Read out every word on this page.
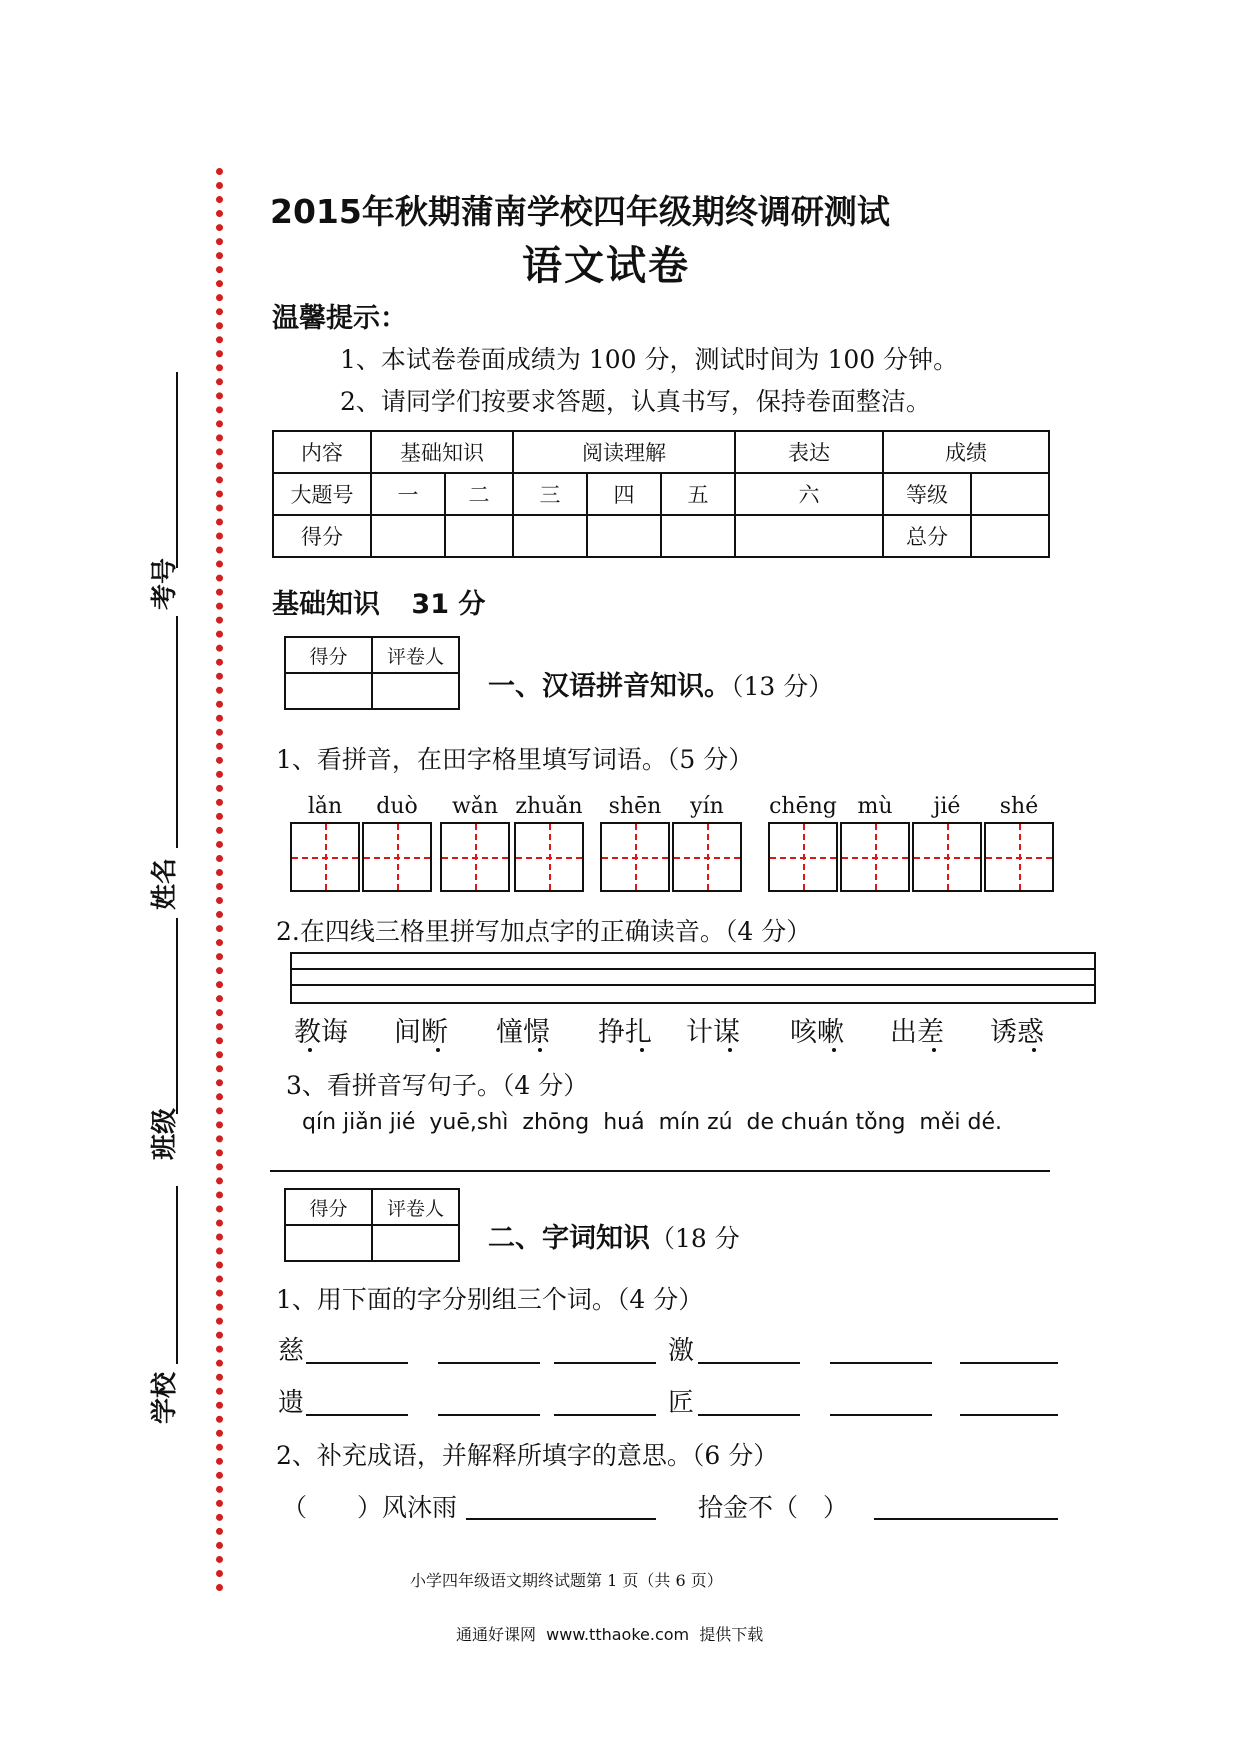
考号
姓名
班级
学校
2015年秋期蒲南学校四年级期终调研测试
语文试卷
温馨提示：
1、本试卷卷面成绩为 100 分，测试时间为 100 分钟。
2、请同学们按要求答题，认真书写，保持卷面整洁。
内容	基础知识		阅读理解			表达	成绩	
大题号	一	二	三	四	五	六	等级	
得分							总分	
基础知识 31 分
得分	评卷人

一、汉语拼音知识。（13 分）
1、看拼音，在田字格里填写词语。（5 分）
lǎn	duò	wǎn zhuǎn	shēn	yín	chēng mù	jié	shé
2.在四线三格里拼写加点字的正确读音。（4 分）
教诲 间断 憧憬 挣扎 计谋 咳嗽 出差 诱惑
3、看拼音写句子。（4 分）
qín jiǎn jié  yuē,shì  zhōng  huá  mín zú  de chuán tǒng  měi dé.
得分	评卷人

二、字词知识（18 分
1、用下面的字分别组三个词。（4 分）
慈	激
遗	匠
2、补充成语，并解释所填字的意思。（6 分）
（　　）风沐雨	拾金不（　）
小学四年级语文期终试题第 1 页（共 6 页）
通通好课网  www.tthaoke.com  提供下载
